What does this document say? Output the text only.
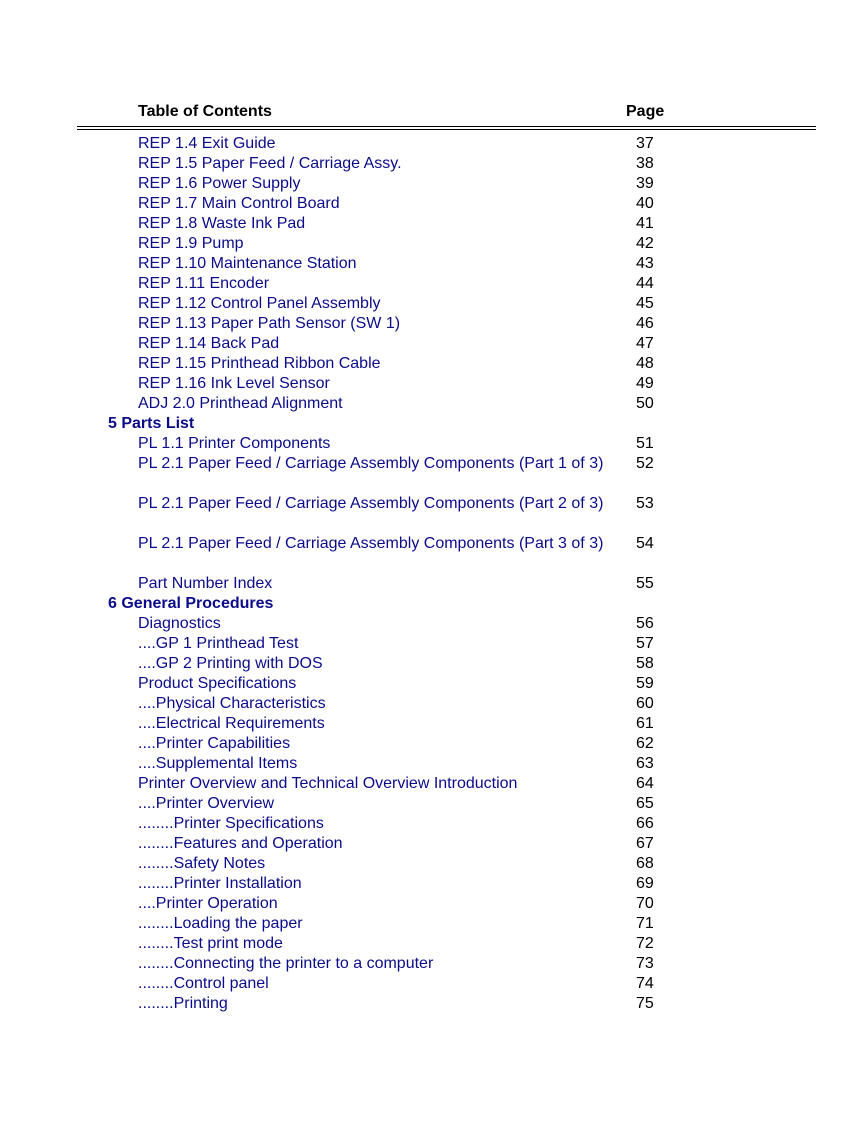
Table of Contents	Page
REP 1.4 Exit Guide	37
REP 1.5 Paper Feed / Carriage Assy.	38
REP 1.6 Power Supply	39
REP 1.7 Main Control Board	40
REP 1.8 Waste Ink Pad	41
REP 1.9 Pump	42
REP 1.10 Maintenance Station	43
REP 1.11 Encoder	44
REP 1.12 Control Panel Assembly	45
REP 1.13 Paper Path Sensor (SW 1)	46
REP 1.14 Back Pad	47
REP 1.15 Printhead Ribbon Cable	48
REP 1.16 Ink Level Sensor	49
ADJ 2.0 Printhead Alignment	50
5 Parts List
PL 1.1 Printer Components	51
PL 2.1 Paper Feed / Carriage Assembly Components (Part 1 of 3)	52
PL 2.1 Paper Feed / Carriage Assembly Components (Part 2 of 3)	53
PL 2.1 Paper Feed / Carriage Assembly Components (Part 3 of 3)	54
Part Number Index	55
6 General Procedures
Diagnostics	56
....GP 1 Printhead Test	57
....GP 2 Printing with DOS	58
Product Specifications	59
....Physical Characteristics	60
....Electrical Requirements	61
....Printer Capabilities	62
....Supplemental Items	63
Printer Overview and Technical Overview Introduction	64
....Printer Overview	65
........Printer Specifications	66
........Features and Operation	67
........Safety Notes	68
........Printer Installation	69
....Printer Operation	70
........Loading the paper	71
........Test print mode	72
........Connecting the printer to a computer	73
........Control panel	74
........Printing	75
